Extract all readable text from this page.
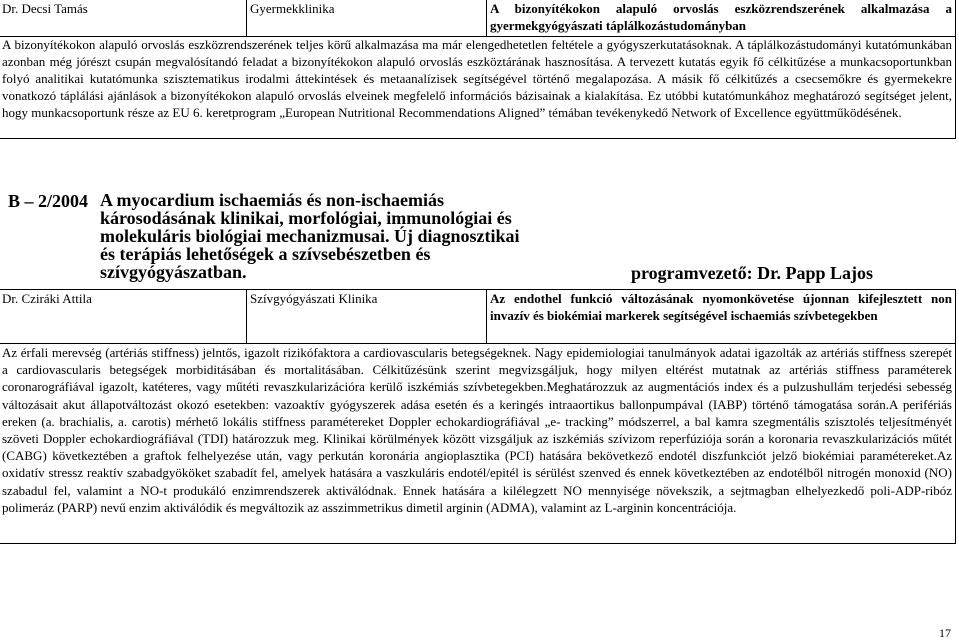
Dr. Decsi Tamás	Gyermekklinika	A bizonyítékokon alapuló orvoslás eszközrendszerének alkalmazása a gyermekgyógyászati táplálkozástudományban

A bizonyítékokon alapuló orvoslás eszközrendszerének teljes körű alkalmazása ma már elengedhetetlen feltétele a gyógyszerkutatásoknak. A táplálkozástudományi kutatómunkában azonban még jórészt csupán megvalósítandó feladat a bizonyítékokon alapuló orvoslás eszköztárának hasznosítása. A tervezett kutatás egyik fő célkitűzése a munkacsoportunkban folyó analitikai kutatómunka szisztematikus irodalmi áttekintések és metaanalízisek segítségével történő megalapozása. A másik fő célkitűzés a csecsemőkre és gyermekekre vonatkozó táplálási ajánlások a bizonyítékokon alapuló orvoslás elveinek megfelelő információs bázisainak a kialakítása. Ez utóbbi kutatómunkához meghatározó segítséget jelent, hogy munkacsoportunk része az EU 6. keretprogram „European Nutritional Recommendations Aligned” témában tevékenykedő Network of Excellence együttműködésének.

B – 2/2004 A myocardium ischaemiás és non-ischaemiás károsodásának klinikai, morfológiai, immunológiai és molekuláris biológiai mechanizmusai. Új diagnosztikai és terápiás lehetőségek a szívsebészetben és szívgyógyászatban.	programvezető: Dr. Papp Lajos
Dr. Cziráki Attila	Szívgyógyászati Klinika	Az endothel funkció változásának nyomonkövetése újonnan kifejlesztett non invazív és biokémiai markerek segítségével ischaemiás szívbetegekben

Az érfali merevség (artériás stiffness) jelntős, igazolt rizikófaktora a cardiovascularis betegségeknek. Nagy epidemiologiai tanulmányok adatai igazolták az artériás stiffness szerepét a cardiovascularis betegségek morbiditásában és mortalitásában. Célkitűzésünk szerint megvizsgáljuk, hogy milyen eltérést mutatnak az artériás stiffness paraméterek coronarográfiával igazolt, katéteres, vagy műtéti revaszkularizációra kerülő iszkémiás szívbetegekben.Meghatározzuk az augmentációs index és a pulzushullám terjedési sebesség változásait akut állapotváltozást okozó esetekben: vazoaktív gyógyszerek adása esetén és a keringés intraaortikus ballonpumpával (IABP) történő támogatása során.A perifériás ereken (a. brachialis, a. carotis) mérhető lokális stiffness paramétereket Doppler echokardiográfiával „e- tracking” módszerrel, a bal kamra szegmentális szisztolés teljesítményét szöveti Doppler echokardiográfiával (TDI) határozzuk meg. Klinikai körülmények között vizsgáljuk az iszkémiás szívizom reperfúziója során a koronaria revaszkularizációs műtét (CABG) következtében a graftok felhelyezése után, vagy perkután koronária angioplasztika (PCI) hatására bekövetkező endotél diszfunkciót jelző biokémiai paramétereket.Az oxidatív stressz reaktív szabadgyököket szabadít fel, amelyek hatására a vaszkuláris endotél/epitél is sérülést szenved és ennek következtében az endotélből nitrogén monoxid (NO) szabadul fel, valamint a NO-t produkáló enzimrendszerek aktiválódnak. Ennek hatására a kilélegzett NO mennyisége növekszik, a sejtmagban elhelyezkedő poli-ADP-ribóz polimeráz (PARP) nevű enzim aktiválódik és megváltozik az asszimmetrikus dimetil arginin (ADMA), valamint az L-arginin koncentrációja.

17
